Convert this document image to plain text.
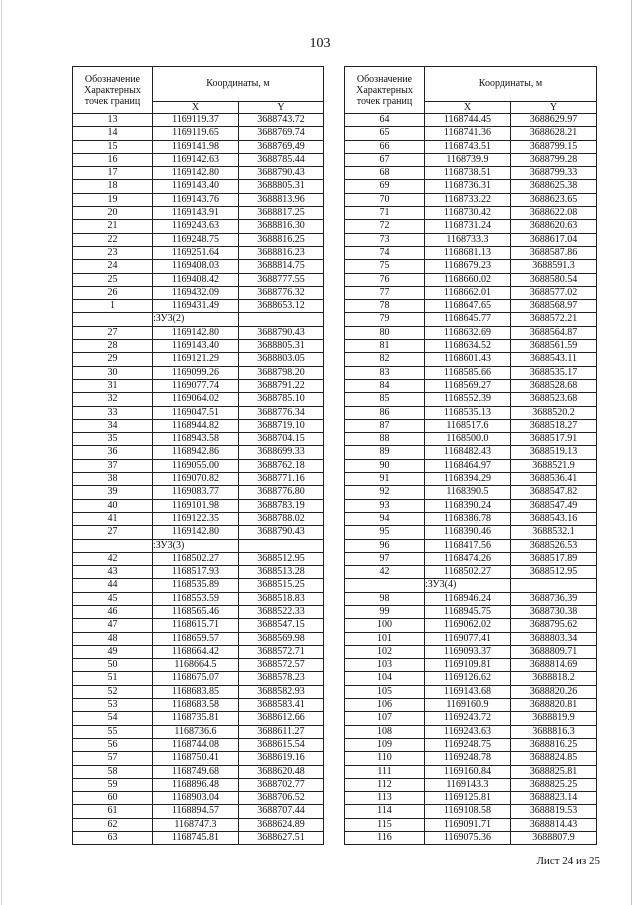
103
Обозначение Характерных точек границ	Координаты, м	
	X	Y
13	1169119.37	3688743.72
14	1169119.65	3688769.74
15	1169141.98	3688769.49
16	1169142.63	3688785.44
17	1169142.80	3688790.43
18	1169143.40	3688805.31
19	1169143.76	3688813.96
20	1169143.91	3688817.25
21	1169243.63	3688816.30
22	1169248.75	3688816.25
23	1169251.64	3688816.23
24	1169408.03	3688814.75
25	1169408.42	3688777.55
26	1169432.09	3688776.32
1	1169431.49	3688653.12
	:ЗУ3(2)	
27	1169142.80	3688790.43
28	1169143.40	3688805.31
29	1169121.29	3688803.05
30	1169099.26	3688798.20
31	1169077.74	3688791.22
32	1169064.02	3688785.10
33	1169047.51	3688776.34
34	1168944.82	3688719.10
35	1168943.58	3688704.15
36	1168942.86	3688699.33
37	1169055.00	3688762.18
38	1169070.82	3688771.16
39	1169083.77	3688776.80
40	1169101.98	3688783.19
41	1169122.35	3688788.02
27	1169142.80	3688790.43
	:ЗУ3(3)	
42	1168502.27	3688512.95
43	1168517.93	3688513.28
44	1168535.89	3688515.25
45	1168553.59	3688518.83
46	1168565.46	3688522.33
47	1168615.71	3688547.15
48	1168659.57	3688569.98
49	1168664.42	3688572.71
50	1168664.5	3688572.57
51	1168675.07	3688578.23
52	1168683.85	3688582.93
53	1168683.58	3688583.41
54	1168735.81	3688612.66
55	1168736.6	3688611.27
56	1168744.08	3688615.54
57	1168750.41	3688619.16
58	1168749.68	3688620.48
59	1168896.48	3688702.77
60	1168903.04	3688706.52
61	1168894.57	3688707.44
62	1168747.3	3688624.89
63	1168745.81	3688627.51
Обозначение Характерных точек границ	Координаты, м	
	X	Y
64	1168744.45	3688629.97
65	1168741.36	3688628.21
66	1168743.51	3688799.15
67	1168739.9	3688799.28
68	1168738.51	3688799.33
69	1168736.31	3688625.38
70	1168733.22	3688623.65
71	1168730.42	3688622.08
72	1168731.24	3688620.63
73	1168733.3	3688617.04
74	1168681.13	3688587.86
75	1168679.23	3688591.3
76	1168660.02	3688580.54
77	1168662.01	3688577.02
78	1168647.65	3688568.97
79	1168645.77	3688572.21
80	1168632.69	3688564.87
81	1168634.52	3688561.59
82	1168601.43	3688543.11
83	1168585.66	3688535.17
84	1168569.27	3688528.68
85	1168552.39	3688523.68
86	1168535.13	3688520.2
87	1168517.6	3688518.27
88	1168500.0	3688517.91
89	1168482.43	3688519.13
90	1168464.97	3688521.9
91	1168394.29	3688536.41
92	1168390.5	3688547.82
93	1168390.24	3688547.49
94	1168386.78	3688543.16
95	1168390.46	3688532.1
96	1168417.56	3688526.53
97	1168474.26	3688517.89
42	1168502.27	3688512.95
	:ЗУ3(4)	
98	1168946.24	3688736.39
99	1168945.75	3688730.38
100	1169062.02	3688795.62
101	1169077.41	3688803.34
102	1169093.37	3688809.71
103	1169109.81	3688814.69
104	1169126.62	3688818.2
105	1169143.68	3688820.26
106	1169160.9	3688820.81
107	1169243.72	3688819.9
108	1169243.63	3688816.3
109	1169248.75	3688816.25
110	1169248.78	3688824.85
111	1169160.84	3688825.81
112	1169143.3	3688825.25
113	1169125.81	3688823.14
114	1169108.58	3688819.53
115	1169091.71	3688814.43
116	1169075.36	3688807.9
Лист 24 из 25
